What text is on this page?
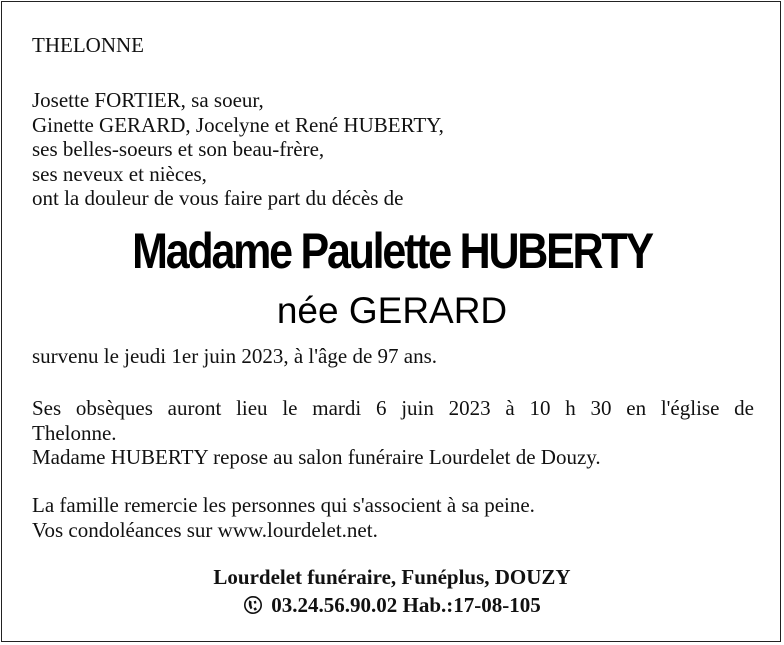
THELONNE
Josette FORTIER, sa soeur,
Ginette GERARD, Jocelyne et René HUBERTY,
ses belles-soeurs et son beau-frère,
ses neveux et nièces,
ont la douleur de vous faire part du décès de
Madame Paulette HUBERTY
née GERARD
survenu le jeudi 1er juin 2023, à l'âge de 97 ans.
Ses obsèques auront lieu le mardi 6 juin 2023 à 10 h 30 en l'église de
Thelonne.
Madame HUBERTY repose au salon funéraire Lourdelet de Douzy.
La famille remercie les personnes qui s'associent à sa peine.
Vos condoléances sur www.lourdelet.net.
Lourdelet funéraire, Funéplus, DOUZY
03.24.56.90.02 Hab.:17-08-105
